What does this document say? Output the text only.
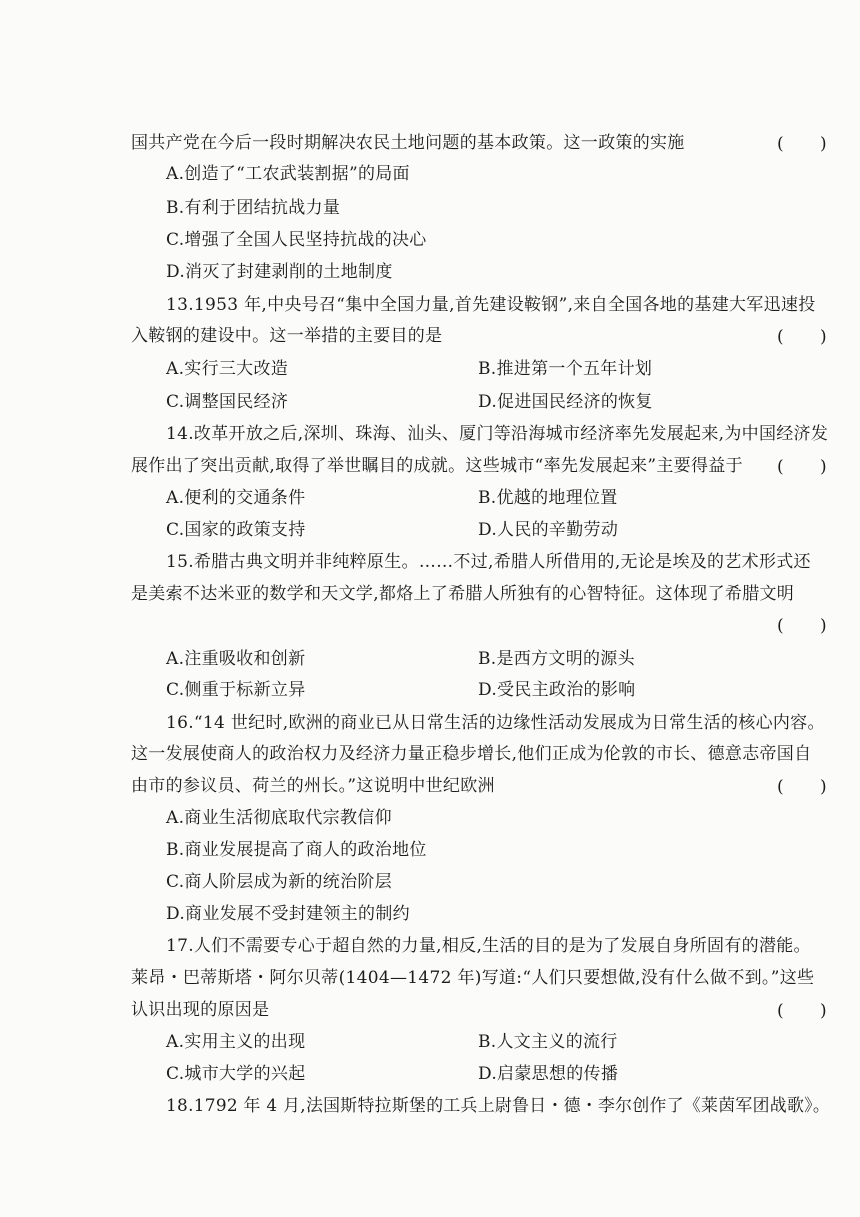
国共产党在今后一段时期解决农民土地问题的基本政策。这一政策的实施	( )

A.创造了“工农武装割据”的局面

B.有利于团结抗战力量

C.增强了全国人民坚持抗战的决心

D.消灭了封建剥削的土地制度

13.1953 年,中央号召“集中全国力量,首先建设鞍钢”,来自全国各地的基建大军迅速投

入鞍钢的建设中。这一举措的主要目的是	( )

A.实行三大改造	B.推进第一个五年计划

C.调整国民经济	D.促进国民经济的恢复

14.改革开放之后,深圳、珠海、汕头、厦门等沿海城市经济率先发展起来,为中国经济发

展作出了突出贡献,取得了举世瞩目的成就。这些城市“率先发展起来”主要得益于 ( )

A.便利的交通条件	B.优越的地理位置

C.国家的政策支持	D.人民的辛勤劳动

15.希腊古典文明并非纯粹原生。……不过,希腊人所借用的,无论是埃及的艺术形式还

是美索不达米亚的数学和天文学,都烙上了希腊人所独有的心智特征。这体现了希腊文明

( )

A.注重吸收和创新	B.是西方文明的源头

C.侧重于标新立异	D.受民主政治的影响

16.“14 世纪时,欧洲的商业已从日常生活的边缘性活动发展成为日常生活的核心内容。

这一发展使商人的政治权力及经济力量正稳步增长,他们正成为伦敦的市长、德意志帝国自

由市的参议员、荷兰的州长。”这说明中世纪欧洲	( )

A.商业生活彻底取代宗教信仰

B.商业发展提高了商人的政治地位

C.商人阶层成为新的统治阶层

D.商业发展不受封建领主的制约

17.人们不需要专心于超自然的力量,相反,生活的目的是为了发展自身所固有的潜能。

莱昂・巴蒂斯塔・阿尔贝蒂(1404—1472 年)写道:“人们只要想做,没有什么做不到。”这些

认识出现的原因是	( )

A.实用主义的出现	B.人文主义的流行

C.城市大学的兴起	D.启蒙思想的传播

18.1792 年 4 月,法国斯特拉斯堡的工兵上尉鲁日・德・李尔创作了《莱茵军团战歌》。
